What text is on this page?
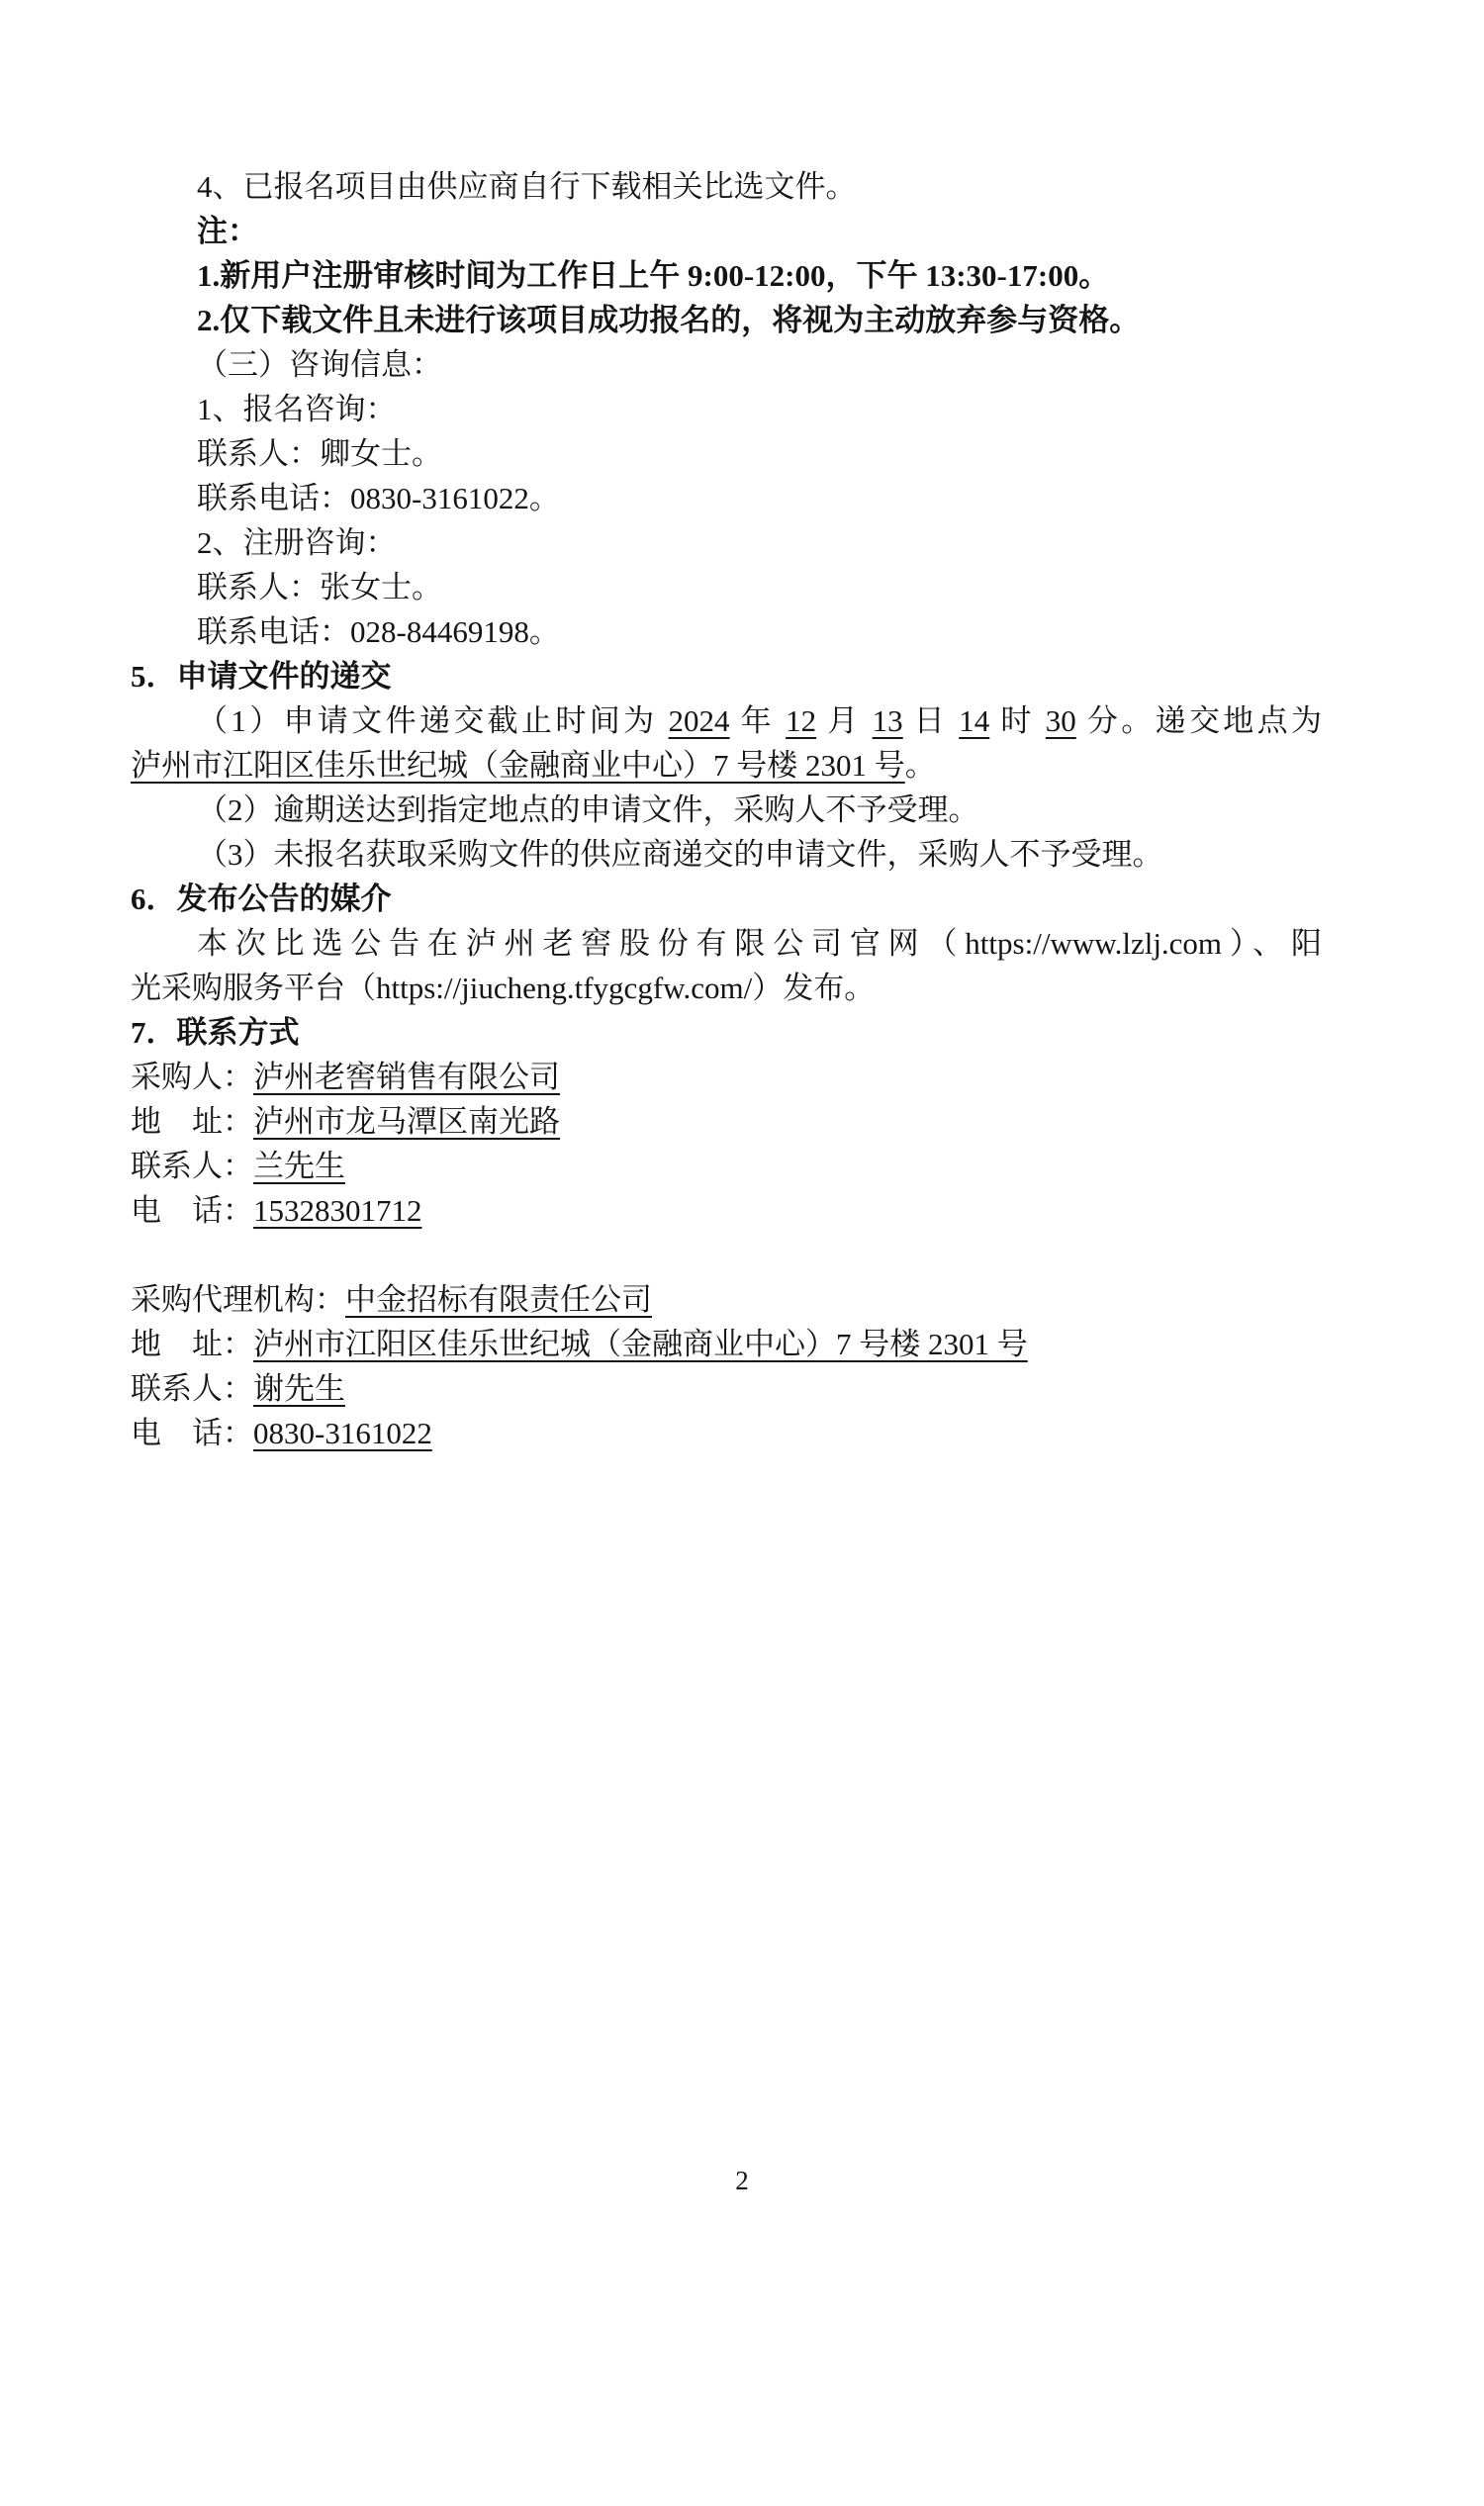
4、已报名项目由供应商自行下载相关比选文件。

注：

1.新用户注册审核时间为工作日上午 9:00-12:00，下午 13:30-17:00。

2.仅下载文件且未进行该项目成功报名的，将视为主动放弃参与资格。

（三）咨询信息：

1、报名咨询：

联系人：卿女士。

联系电话：0830-3161022。

2、注册咨询：

联系人：张女士。

联系电话：028-84469198。

5．申请文件的递交

（1）申请文件递交截止时间为 2024 年 12 月 13 日 14 时 30 分。递交地点为

泸州市江阳区佳乐世纪城（金融商业中心）7 号楼 2301 号。

（2）逾期送达到指定地点的申请文件，采购人不予受理。

（3）未报名获取采购文件的供应商递交的申请文件，采购人不予受理。

6．发布公告的媒介

本次比选公告在泸州老窖股份有限公司官网（https://www.lzlj.com）、阳

光采购服务平台（https://jiucheng.tfygcgfw.com/）发布。

7．联系方式

采购人：泸州老窖销售有限公司

地　址：泸州市龙马潭区南光路

联系人：兰先生

电　话：15328301712

采购代理机构：中金招标有限责任公司

地　址：泸州市江阳区佳乐世纪城（金融商业中心）7 号楼 2301 号

联系人：谢先生

电　话：0830-3161022

2
